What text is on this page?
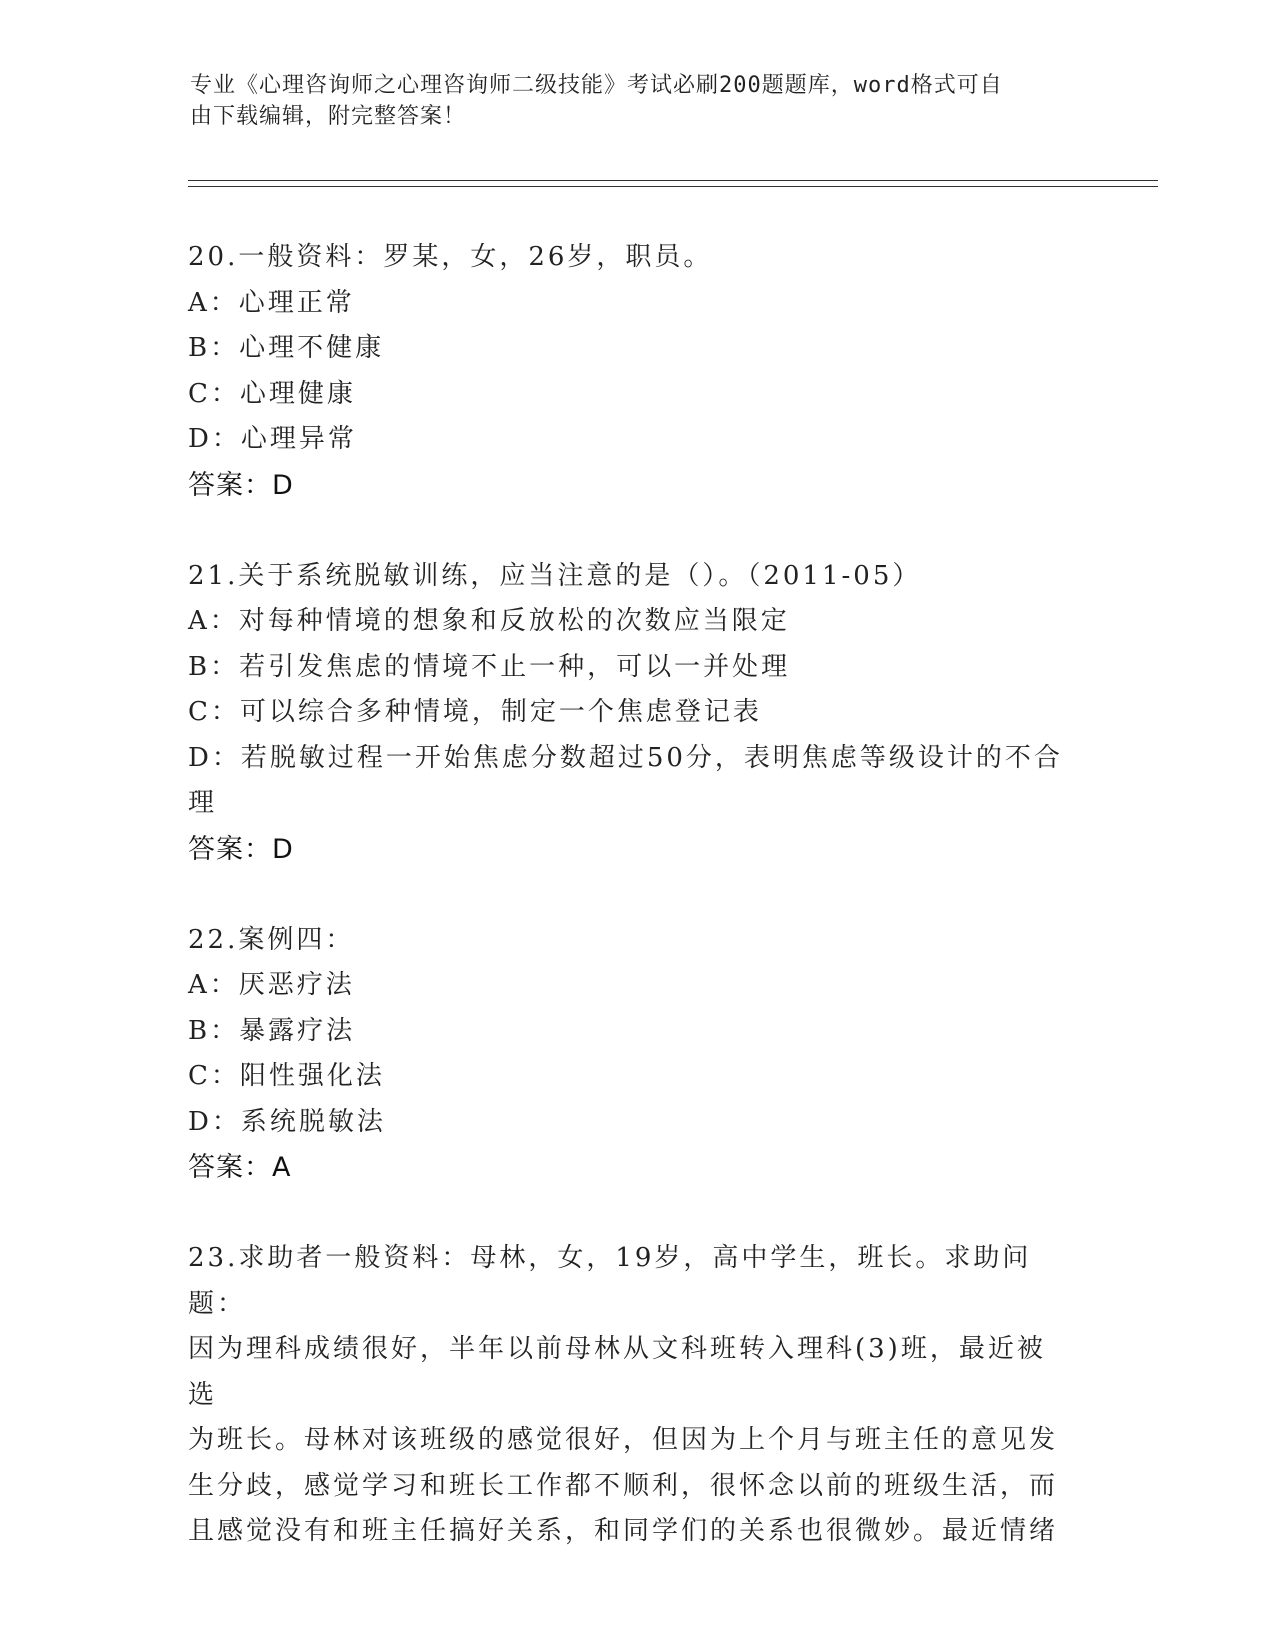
专业《心理咨询师之心理咨询师二级技能》考试必刷200题题库，word格式可自
由下载编辑，附完整答案！
20.一般资料：罗某，女，26岁，职员。
A：心理正常
B：心理不健康
C：心理健康
D：心理异常
答案：D
21.关于系统脱敏训练，应当注意的是（）。（2011-05）
A：对每种情境的想象和反放松的次数应当限定
B：若引发焦虑的情境不止一种，可以一并处理
C：可以综合多种情境，制定一个焦虑登记表
D：若脱敏过程一开始焦虑分数超过50分，表明焦虑等级设计的不合
理
答案：D
22.案例四：
A：厌恶疗法
B：暴露疗法
C：阳性强化法
D：系统脱敏法
答案：A
23.求助者一般资料：母林，女，19岁，高中学生，班长。求助问题：
因为理科成绩很好，半年以前母林从文科班转入理科(3)班，最近被选
为班长。母林对该班级的感觉很好，但因为上个月与班主任的意见发
生分歧，感觉学习和班长工作都不顺利，很怀念以前的班级生活，而
且感觉没有和班主任搞好关系，和同学们的关系也很微妙。最近情绪
